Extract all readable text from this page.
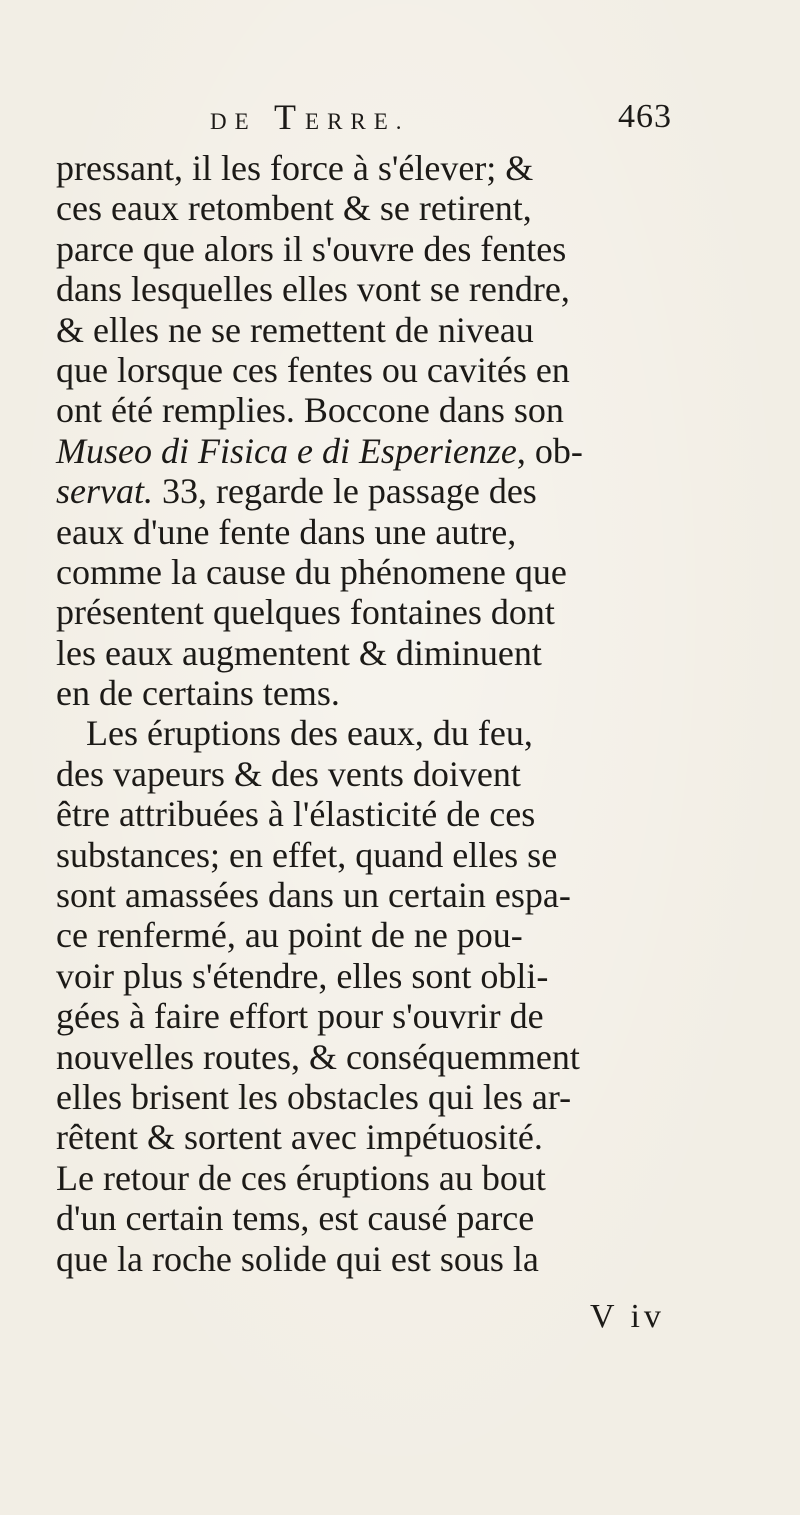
DE TERRE.	463
pressant, il les force à s'élever; &
ces eaux retombent & se retirent,
parce que alors il s'ouvre des fentes
dans lesquelles elles vont se rendre,
& elles ne se remettent de niveau
que lorsque ces fentes ou cavités en
ont été remplies. Boccone dans son
Museo di Fisica e di Esperienze, ob-
servat. 33, regarde le passage des
eaux d'une fente dans une autre,
comme la cause du phénomene que
présentent quelques fontaines dont
les eaux augmentent & diminuent
en de certains tems.
Les éruptions des eaux, du feu,
des vapeurs & des vents doivent
être attribuées à l'élasticité de ces
substances; en effet, quand elles se
sont amassées dans un certain espa-
ce renfermé, au point de ne pou-
voir plus s'étendre, elles sont obli-
gées à faire effort pour s'ouvrir de
nouvelles routes, & conséquemment
elles brisent les obstacles qui les ar-
rêtent & sortent avec impétuosité.
Le retour de ces éruptions au bout
d'un certain tems, est causé parce
que la roche solide qui est sous la
V iv
